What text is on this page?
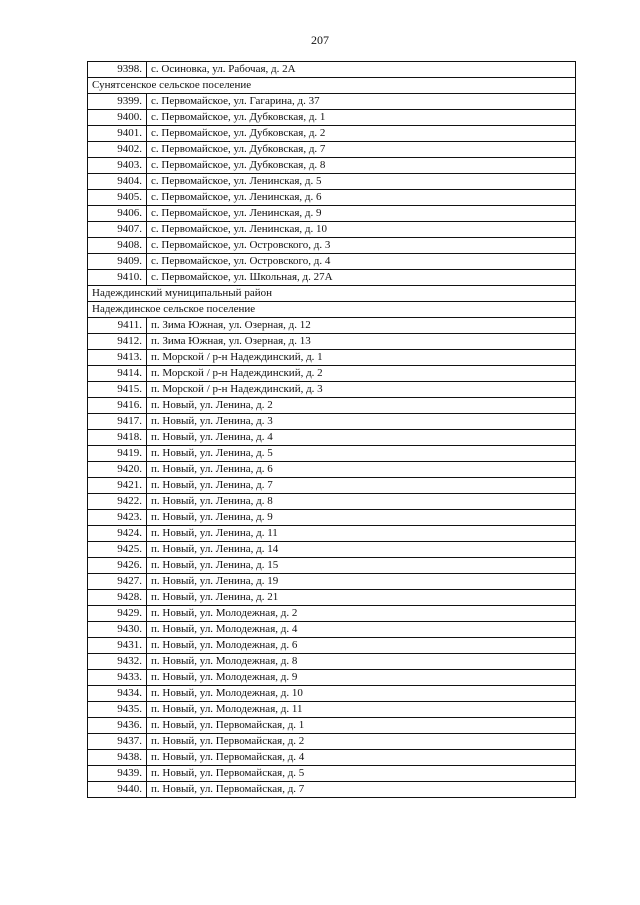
207
9398.	с. Осиновка, ул. Рабочая, д. 2А
Сунятсенское сельское поселение	
9399.	с. Первомайское, ул. Гагарина, д. 37
9400.	с. Первомайское, ул. Дубковская, д. 1
9401.	с. Первомайское, ул. Дубковская, д. 2
9402.	с. Первомайское, ул. Дубковская, д. 7
9403.	с. Первомайское, ул. Дубковская, д. 8
9404.	с. Первомайское, ул. Ленинская, д. 5
9405.	с. Первомайское, ул. Ленинская, д. 6
9406.	с. Первомайское, ул. Ленинская, д. 9
9407.	с. Первомайское, ул. Ленинская, д. 10
9408.	с. Первомайское, ул. Островского, д. 3
9409.	с. Первомайское, ул. Островского, д. 4
9410.	с. Первомайское, ул. Школьная, д. 27А
Надеждинский муниципальный район	
Надеждинское сельское поселение	
9411.	п. Зима Южная, ул. Озерная, д. 12
9412.	п. Зима Южная, ул. Озерная, д. 13
9413.	п. Морской / р-н Надеждинский, д. 1
9414.	п. Морской / р-н Надеждинский, д. 2
9415.	п. Морской / р-н Надеждинский, д. 3
9416.	п. Новый, ул. Ленина, д. 2
9417.	п. Новый, ул. Ленина, д. 3
9418.	п. Новый, ул. Ленина, д. 4
9419.	п. Новый, ул. Ленина, д. 5
9420.	п. Новый, ул. Ленина, д. 6
9421.	п. Новый, ул. Ленина, д. 7
9422.	п. Новый, ул. Ленина, д. 8
9423.	п. Новый, ул. Ленина, д. 9
9424.	п. Новый, ул. Ленина, д. 11
9425.	п. Новый, ул. Ленина, д. 14
9426.	п. Новый, ул. Ленина, д. 15
9427.	п. Новый, ул. Ленина, д. 19
9428.	п. Новый, ул. Ленина, д. 21
9429.	п. Новый, ул. Молодежная, д. 2
9430.	п. Новый, ул. Молодежная, д. 4
9431.	п. Новый, ул. Молодежная, д. 6
9432.	п. Новый, ул. Молодежная, д. 8
9433.	п. Новый, ул. Молодежная, д. 9
9434.	п. Новый, ул. Молодежная, д. 10
9435.	п. Новый, ул. Молодежная, д. 11
9436.	п. Новый, ул. Первомайская, д. 1
9437.	п. Новый, ул. Первомайская, д. 2
9438.	п. Новый, ул. Первомайская, д. 4
9439.	п. Новый, ул. Первомайская, д. 5
9440.	п. Новый, ул. Первомайская, д. 7
